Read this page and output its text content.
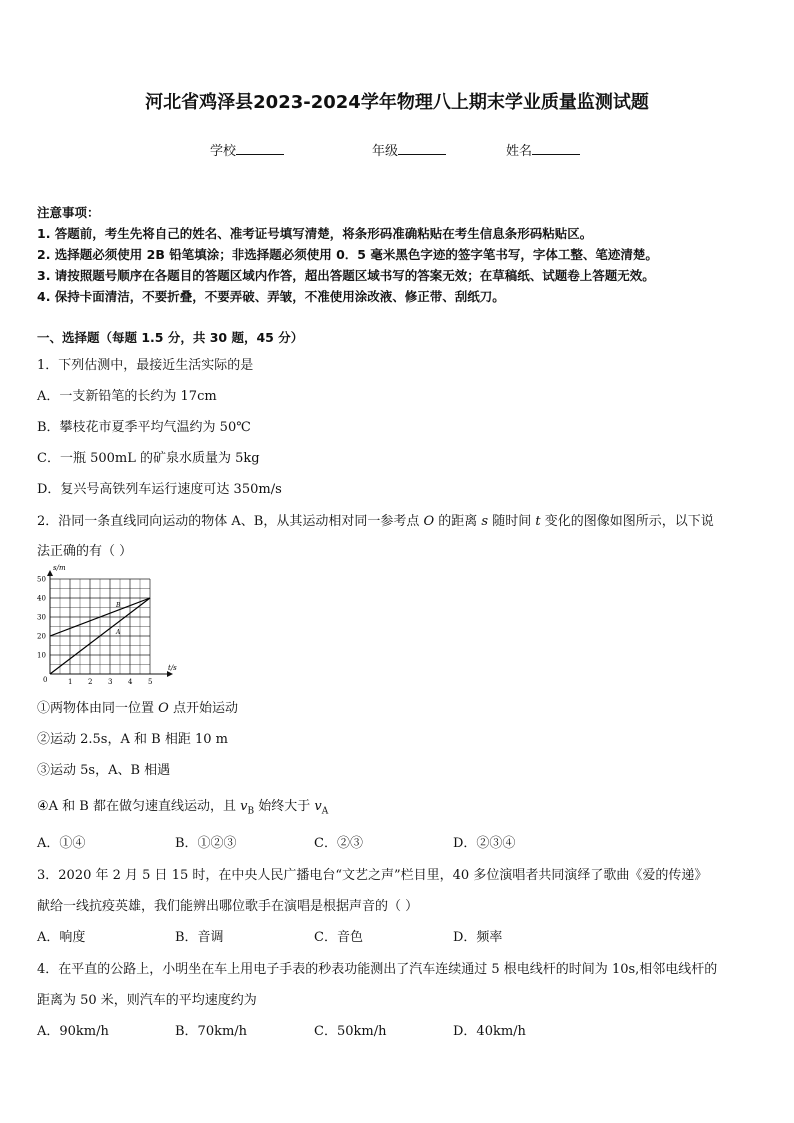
河北省鸡泽县2023-2024学年物理八上期末学业质量监测试题
学校	年级	姓名
注意事项：
1. 答题前，考生先将自己的姓名、准考证号填写清楚，将条形码准确粘贴在考生信息条形码粘贴区。
2. 选择题必须使用 2B 铅笔填涂；非选择题必须使用 0．5 毫米黑色字迹的签字笔书写，字体工整、笔迹清楚。
3. 请按照题号顺序在各题目的答题区域内作答，超出答题区域书写的答案无效；在草稿纸、试题卷上答题无效。
4. 保持卡面清洁，不要折叠，不要弄破、弄皱，不准使用涂改液、修正带、刮纸刀。
一、选择题（每题 1.5 分，共 30 题，45 分）
1．下列估测中，最接近生活实际的是
A．一支新铅笔的长约为 17cm
B．攀枝花市夏季平均气温约为 50℃
C．一瓶 500mL 的矿泉水质量为 5kg
D．复兴号高铁列车运行速度可达 350m/s
2．沿同一条直线同向运动的物体 A、B，从其运动相对同一参考点 O 的距离 s 随时间 t 变化的图像如图所示，以下说
法正确的有（ ）
0	1 2 3 4 5
10
20
30
40
50
B
A
s/m
t/s
①两物体由同一位置 O 点开始运动
②运动 2.5s，A 和 B 相距 10 m
③运动 5s，A、B 相遇
④A 和 B 都在做匀速直线运动，且 $v_B$ 始终大于 $v_A$
A．①④	B．①②③	C．②③	D．②③④
3．2020 年 2 月 5 日 15 时，在中央人民广播电台“文艺之声”栏目里，40 多位演唱者共同演绎了歌曲《爱的传递》
献给一线抗疫英雄，我们能辨出哪位歌手在演唱是根据声音的（ ）
A．响度	B．音调	C．音色	D．频率
4．在平直的公路上，小明坐在车上用电子手表的秒表功能测出了汽车连续通过 5 根电线杆的时间为 10s,相邻电线杆的
距离为 50 米，则汽车的平均速度约为
A．90km/h	B．70km/h	C．50km/h	D．40km/h
